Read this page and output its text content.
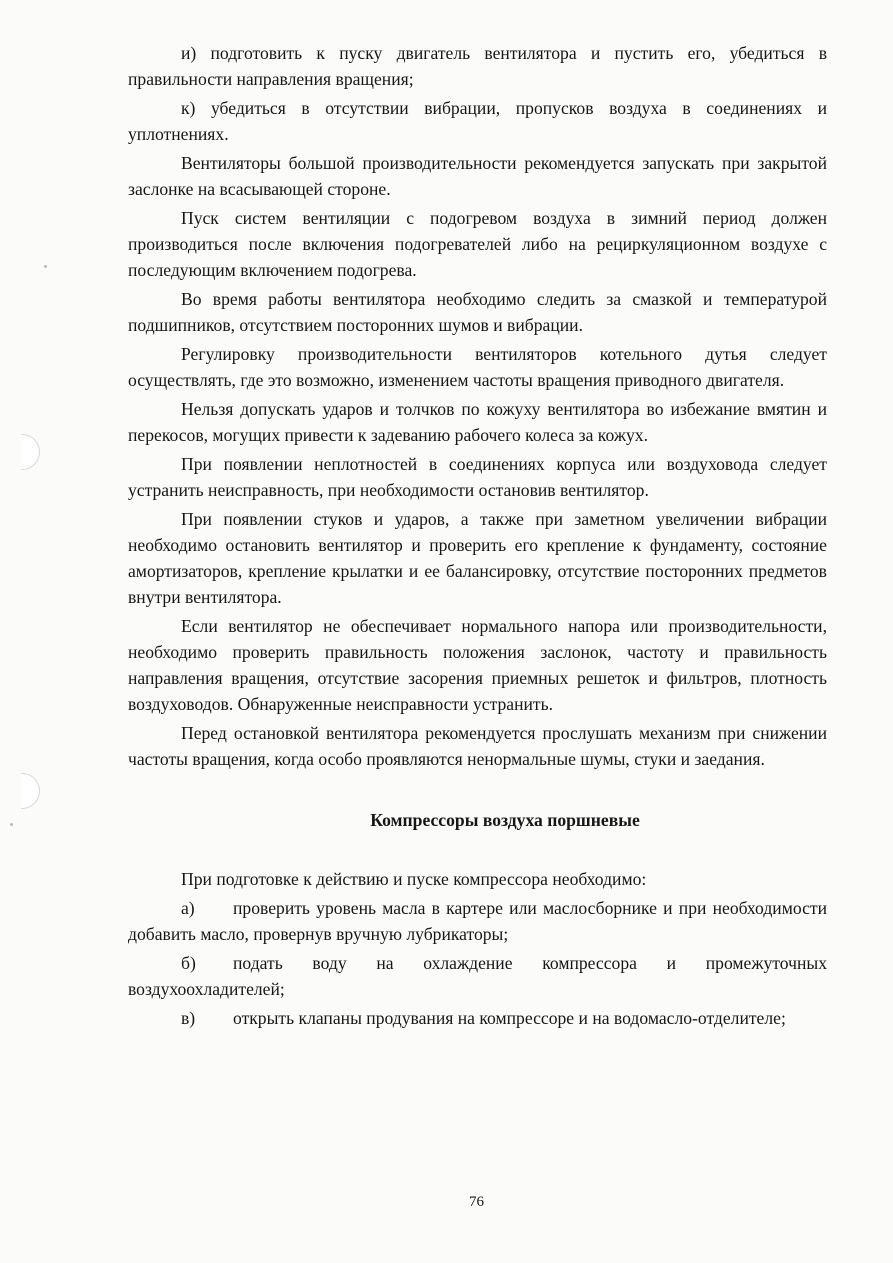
и) подготовить к пуску двигатель вентилятора и пустить его, убедиться в правильности направления вращения;

к) убедиться в отсутствии вибрации, пропусков воздуха в соединениях и уплотнениях.

Вентиляторы большой производительности рекомендуется запускать при закрытой заслонке на всасывающей стороне.

Пуск систем вентиляции с подогревом воздуха в зимний период должен производиться после включения подогревателей либо на рециркуляционном воздухе с последующим включением подогрева.

Во время работы вентилятора необходимо следить за смазкой и температурой подшипников, отсутствием посторонних шумов и вибрации.

Регулировку производительности вентиляторов котельного дутья следует осуществлять, где это возможно, изменением частоты вращения приводного двигателя.

Нельзя допускать ударов и толчков по кожуху вентилятора во избежание вмятин и перекосов, могущих привести к задеванию рабочего колеса за кожух.

При появлении неплотностей в соединениях корпуса или воздуховода следует устранить неисправность, при необходимости остановив вентилятор.

При появлении стуков и ударов, а также при заметном увеличении вибрации необходимо остановить вентилятор и проверить его крепление к фундаменту, состояние амортизаторов, крепление крылатки и ее балансировку, отсутствие посторонних предметов внутри вентилятора.

Если вентилятор не обеспечивает нормального напора или производительности, необходимо проверить правильность положения заслонок, частоту и правильность направления вращения, отсутствие засорения приемных решеток и фильтров, плотность воздуховодов. Обнаруженные неисправности устранить.

Перед остановкой вентилятора рекомендуется прослушать механизм при снижении частоты вращения, когда особо проявляются ненормальные шумы, стуки и заедания.

Компрессоры воздуха поршневые

При подготовке к действию и пуске компрессора необходимо:

а) проверить уровень масла в картере или маслосборнике и при необходимости добавить масло, провернув вручную лубрикаторы;

б) подать воду на охлаждение компрессора и промежуточных воздухоохладителей;

в) открыть клапаны продувания на компрессоре и на водомасло-отделителе;

76
